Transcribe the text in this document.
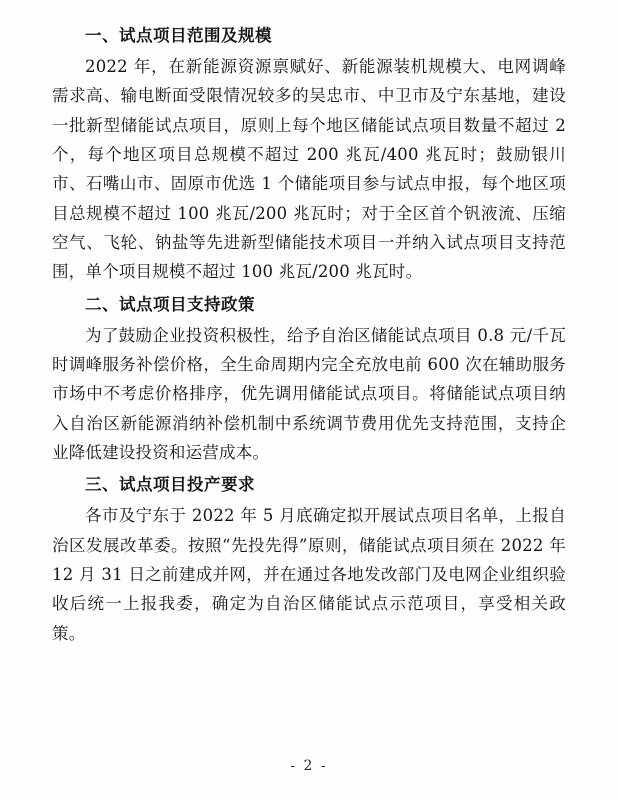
一、试点项目范围及规模

2022 年，在新能源资源禀赋好、新能源装机规模大、电网调峰需求高、输电断面受限情况较多的吴忠市、中卫市及宁东基地，建设一批新型储能试点项目，原则上每个地区储能试点项目数量不超过 2 个，每个地区项目总规模不超过 200 兆瓦/400 兆瓦时；鼓励银川市、石嘴山市、固原市优选 1 个储能项目参与试点申报，每个地区项目总规模不超过 100 兆瓦/200 兆瓦时；对于全区首个钒液流、压缩空气、飞轮、钠盐等先进新型储能技术项目一并纳入试点项目支持范围，单个项目规模不超过 100 兆瓦/200 兆瓦时。

二、试点项目支持政策

为了鼓励企业投资积极性，给予自治区储能试点项目 0.8 元/千瓦时调峰服务补偿价格，全生命周期内完全充放电前 600 次在辅助服务市场中不考虑价格排序，优先调用储能试点项目。将储能试点项目纳入自治区新能源消纳补偿机制中系统调节费用优先支持范围，支持企业降低建设投资和运营成本。

三、试点项目投产要求

各市及宁东于 2022 年 5 月底确定拟开展试点项目名单，上报自治区发展改革委。按照“先投先得”原则，储能试点项目须在 2022 年 12 月 31 日之前建成并网，并在通过各地发改部门及电网企业组织验收后统一上报我委，确定为自治区储能试点示范项目，享受相关政策。

- 2 -
